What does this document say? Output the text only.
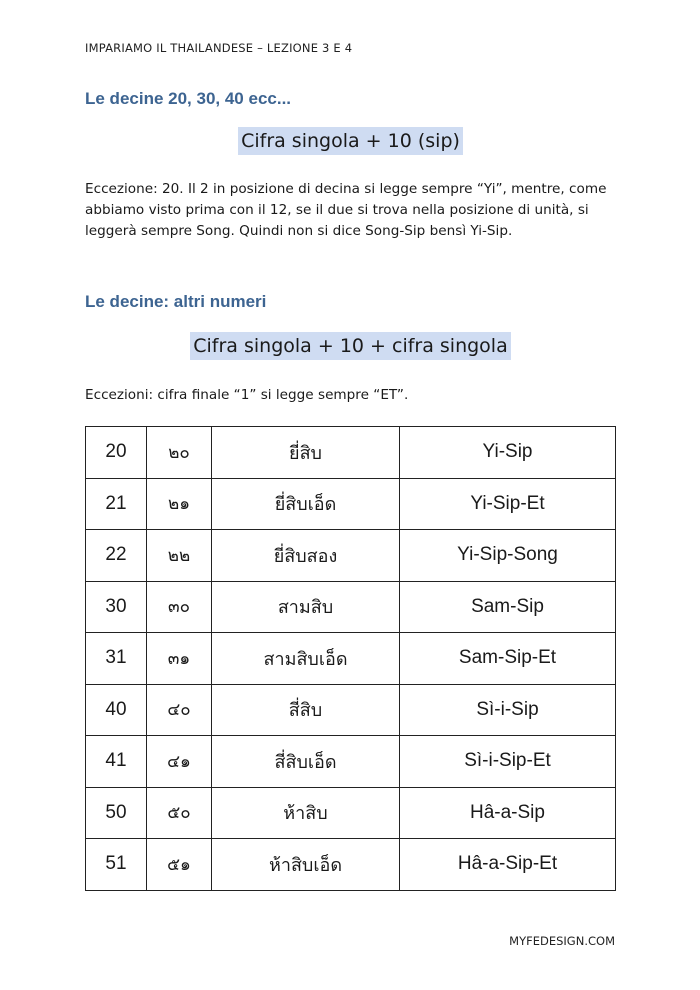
IMPARIAMO IL THAILANDESE – LEZIONE 3 E 4
Le decine 20, 30, 40 ecc...
Cifra singola + 10 (sip)
Eccezione: 20. Il 2 in posizione di decina si legge sempre “Yi”, mentre, come abbiamo visto prima con il 12, se il due si trova nella posizione di unità, si leggerà sempre Song. Quindi non si dice Song-Sip bensì Yi-Sip.
Le decine: altri numeri
Cifra singola + 10 + cifra singola
Eccezioni: cifra finale “1” si legge sempre “ET”.
20	๒๐	ยี่สิบ	Yi-Sip
21	๒๑	ยี่สิบเอ็ด	Yi-Sip-Et
22	๒๒	ยี่สิบสอง	Yi-Sip-Song
30	๓๐	สามสิบ	Sam-Sip
31	๓๑	สามสิบเอ็ด	Sam-Sip-Et
40	๔๐	สี่สิบ	Sì-i-Sip
41	๔๑	สี่สิบเอ็ด	Sì-i-Sip-Et
50	๕๐	ห้าสิบ	Hâ-a-Sip
51	๕๑	ห้าสิบเอ็ด	Hâ-a-Sip-Et
MYFEDESIGN.COM
